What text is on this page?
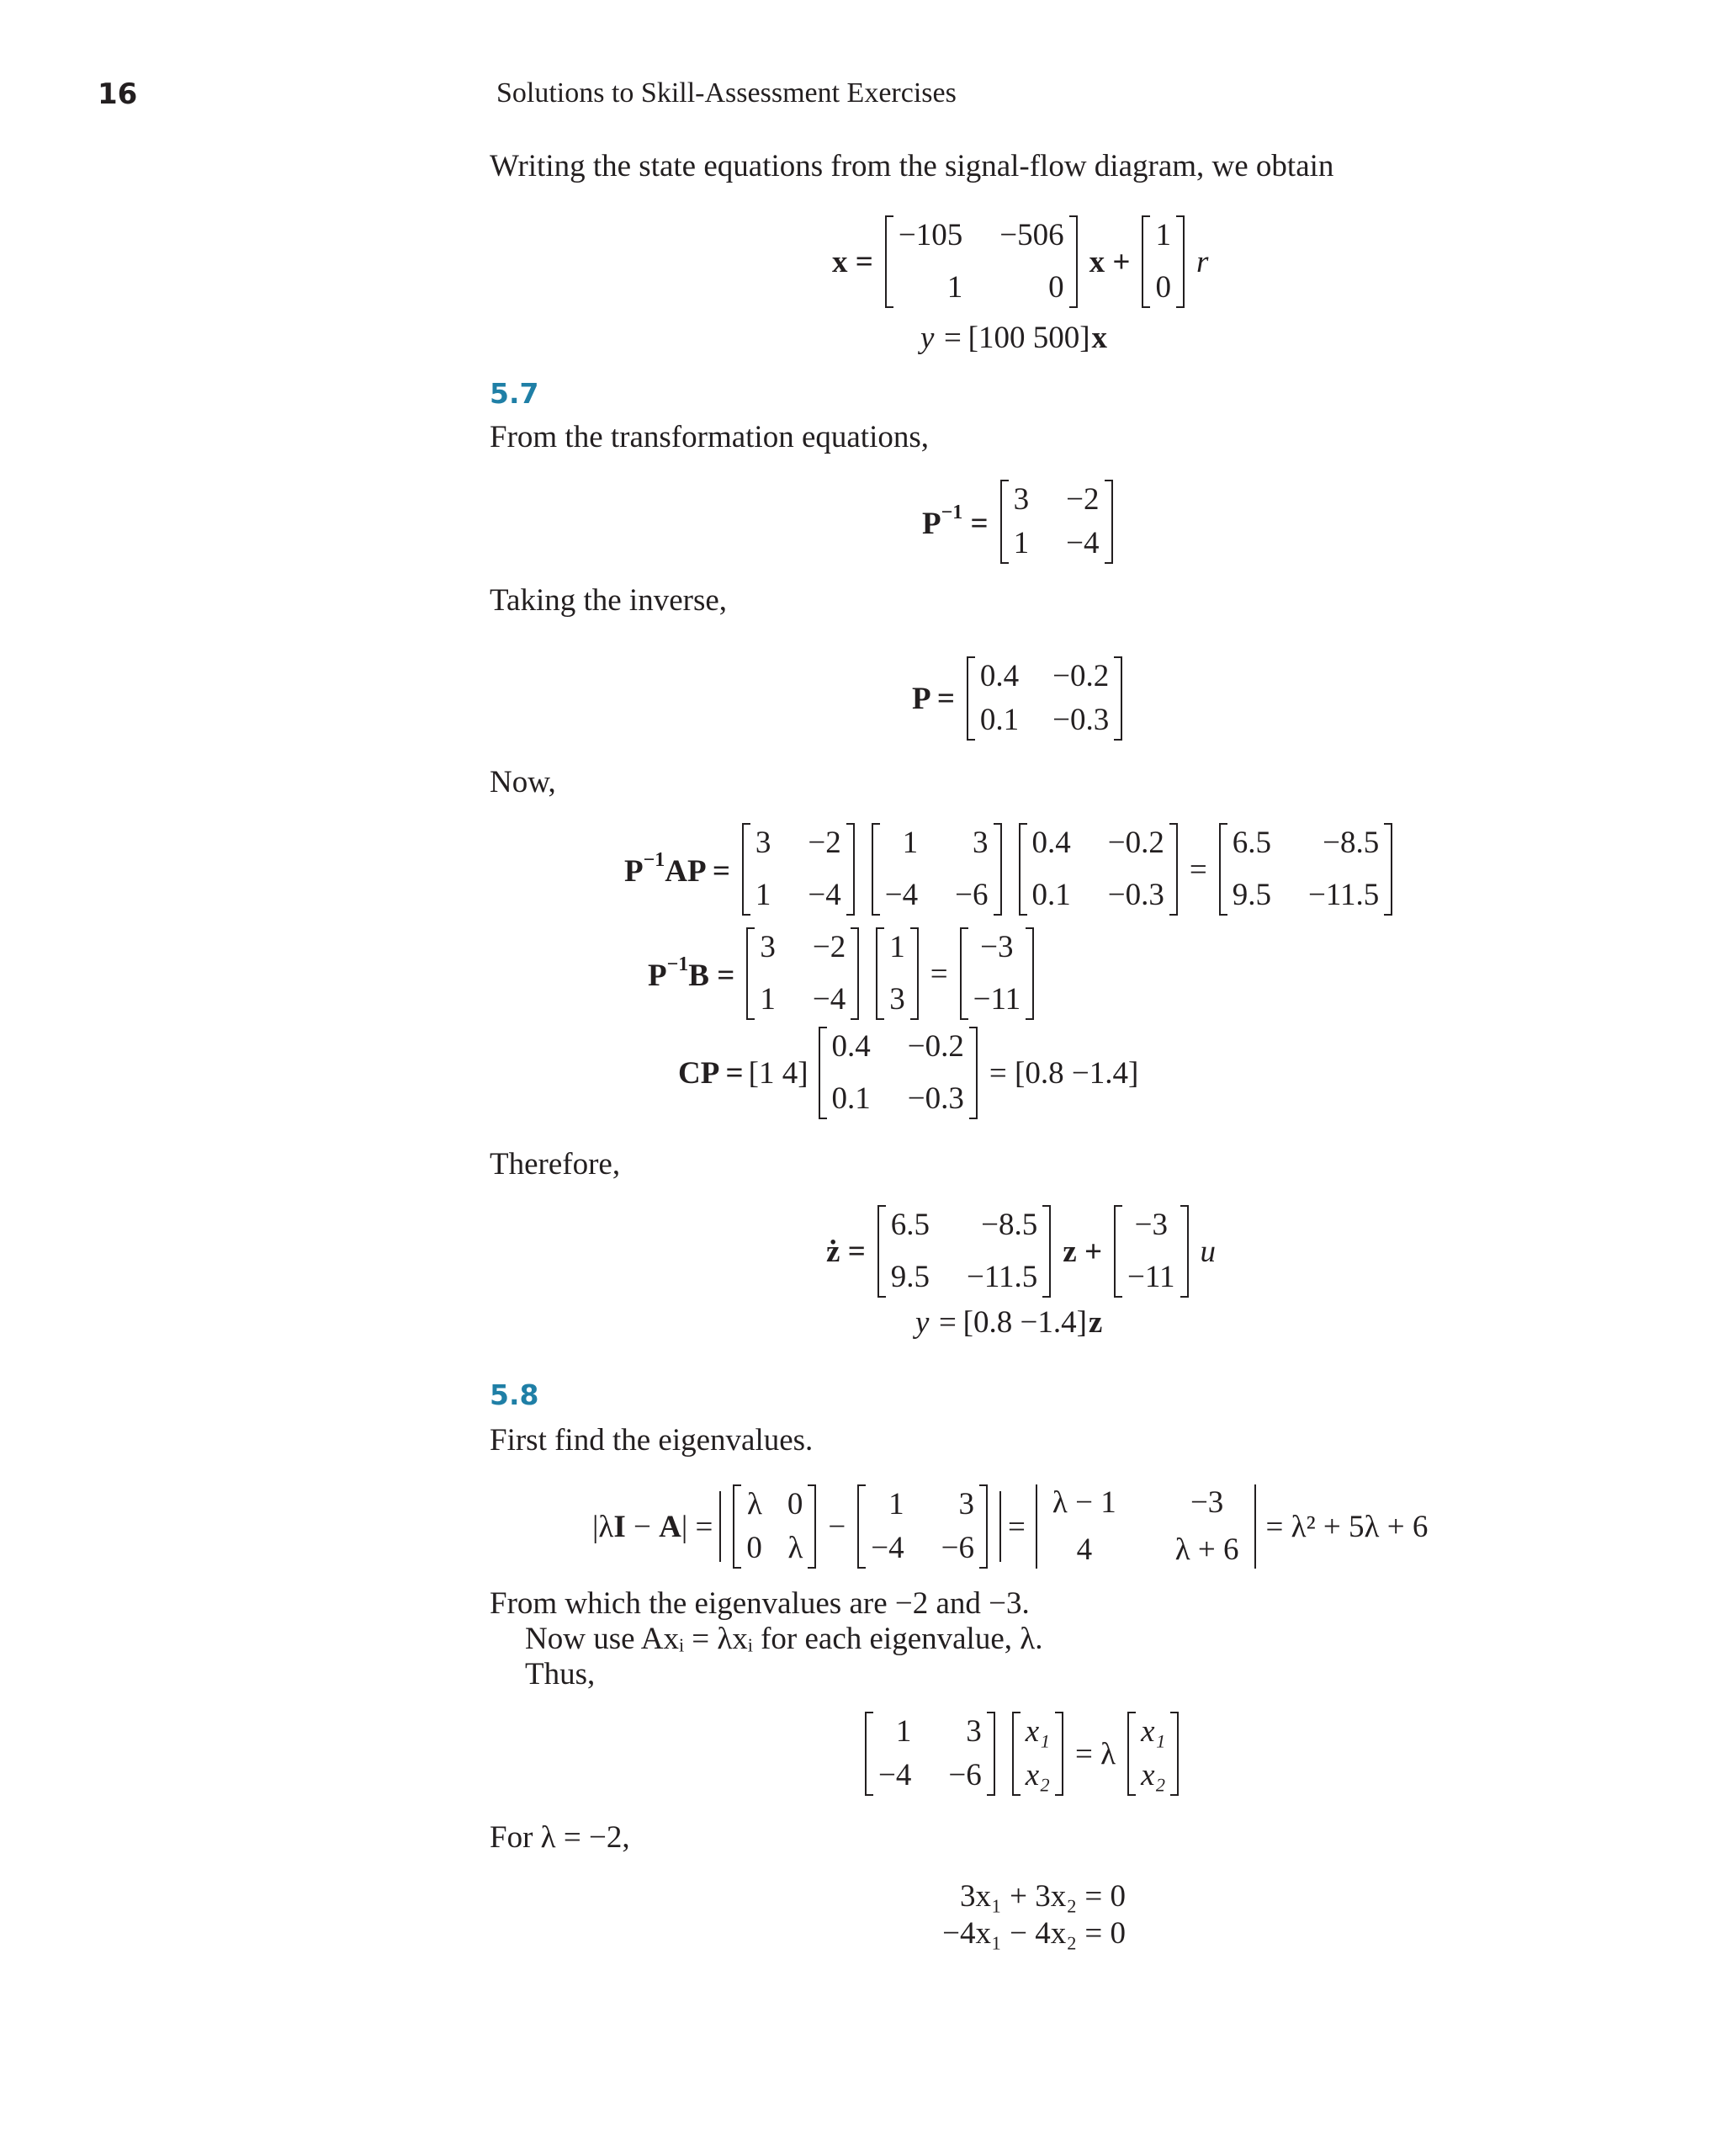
16	Solutions to Skill-Assessment Exercises
Writing the state equations from the signal-flow diagram, we obtain
x =
−105 −506
1	0
x +
1
0
r
y = [100 500] x
5.7
From the transformation equations,
$P^{-1}$ =
3 −2
1 −4
Taking the inverse,
P =
0.4 −0.2
0.1 −0.3
Now,
$P^{-1}AP$ =
3 −2
1 −4
1	3
−4 −6
0.4 −0.2
0.1 −0.3
=
6.5	−8.5
9.5 −11.5
$P^{-1}B$ =
3 −2
1 −4
1
3
=
−3
−11
CP = [1 4]
0.4 −0.2
0.1 −0.3
= [0.8 −1.4]
Therefore,
ż =
6.5	−8.5
9.5 −11.5
z +
−3
−11
u
y = [0.8 −1.4] z
5.8
First find the eigenvalues.
|λI − A| =
λ 0
0 λ
−
1	3
−4 −6
=
λ − 1	−3
4	λ + 6
= λ² + 5λ + 6
From which the eigenvalues are −2 and −3.
Now use Axᵢ = λxᵢ for each eigenvalue, λ.
Thus,
1	3
−4 −6
x₁
x₂
= λ
x₁
x₂
For λ = −2,
3x₁ + 3x₂ = 0
−4x₁ − 4x₂ = 0
